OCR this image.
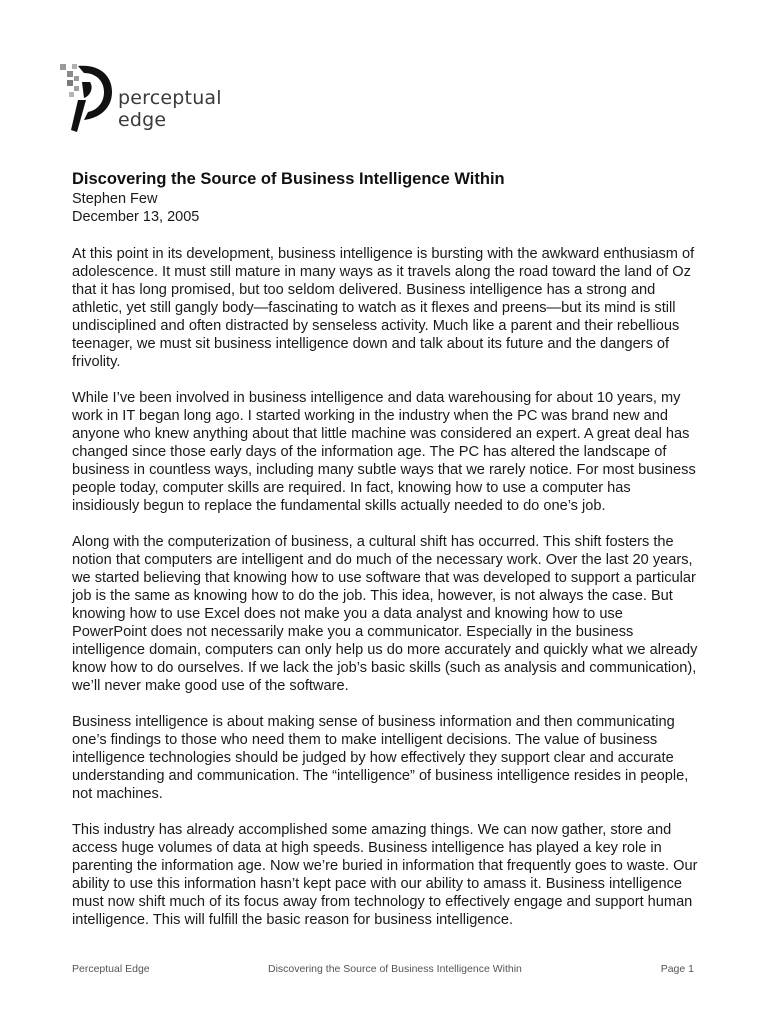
perceptual
edge
Discovering the Source of Business Intelligence Within

Stephen Few

December 13, 2005

At this point in its development, business intelligence is bursting with the awkward enthusiasm of adolescence. It must still mature in many ways as it travels along the road toward the land of Oz that it has long promised, but too seldom delivered. Business intelligence has a strong and athletic, yet still gangly body—fascinating to watch as it flexes and preens—but its mind is still undisciplined and often distracted by senseless activity. Much like a parent and their rebellious teenager, we must sit business intelligence down and talk about its future and the dangers of frivolity.

While I’ve been involved in business intelligence and data warehousing for about 10 years, my work in IT began long ago. I started working in the industry when the PC was brand new and anyone who knew anything about that little machine was considered an expert. A great deal has changed since those early days of the information age. The PC has altered the landscape of business in countless ways, including many subtle ways that we rarely notice. For most business people today, computer skills are required. In fact, knowing how to use a computer has insidiously begun to replace the fundamental skills actually needed to do one’s job.

Along with the computerization of business, a cultural shift has occurred. This shift fosters the notion that computers are intelligent and do much of the necessary work. Over the last 20 years, we started believing that knowing how to use software that was developed to support a particular job is the same as knowing how to do the job. This idea, however, is not always the case. But knowing how to use Excel does not make you a data analyst and knowing how to use PowerPoint does not necessarily make you a communicator. Especially in the business intelligence domain, computers can only help us do more accurately and quickly what we already know how to do ourselves. If we lack the job’s basic skills (such as analysis and communication), we’ll never make good use of the software.

Business intelligence is about making sense of business information and then communicating one’s findings to those who need them to make intelligent decisions. The value of business intelligence technologies should be judged by how effectively they support clear and accurate understanding and communication. The “intelligence” of business intelligence resides in people, not machines.

This industry has already accomplished some amazing things. We can now gather, store and access huge volumes of data at high speeds. Business intelligence has played a key role in parenting the information age. Now we’re buried in information that frequently goes to waste. Our ability to use this information hasn’t kept pace with our ability to amass it. Business intelligence must now shift much of its focus away from technology to effectively engage and support human intelligence. This will fulfill the basic reason for business intelligence.

Perceptual Edge	Discovering the Source of Business Intelligence Within	Page 1
